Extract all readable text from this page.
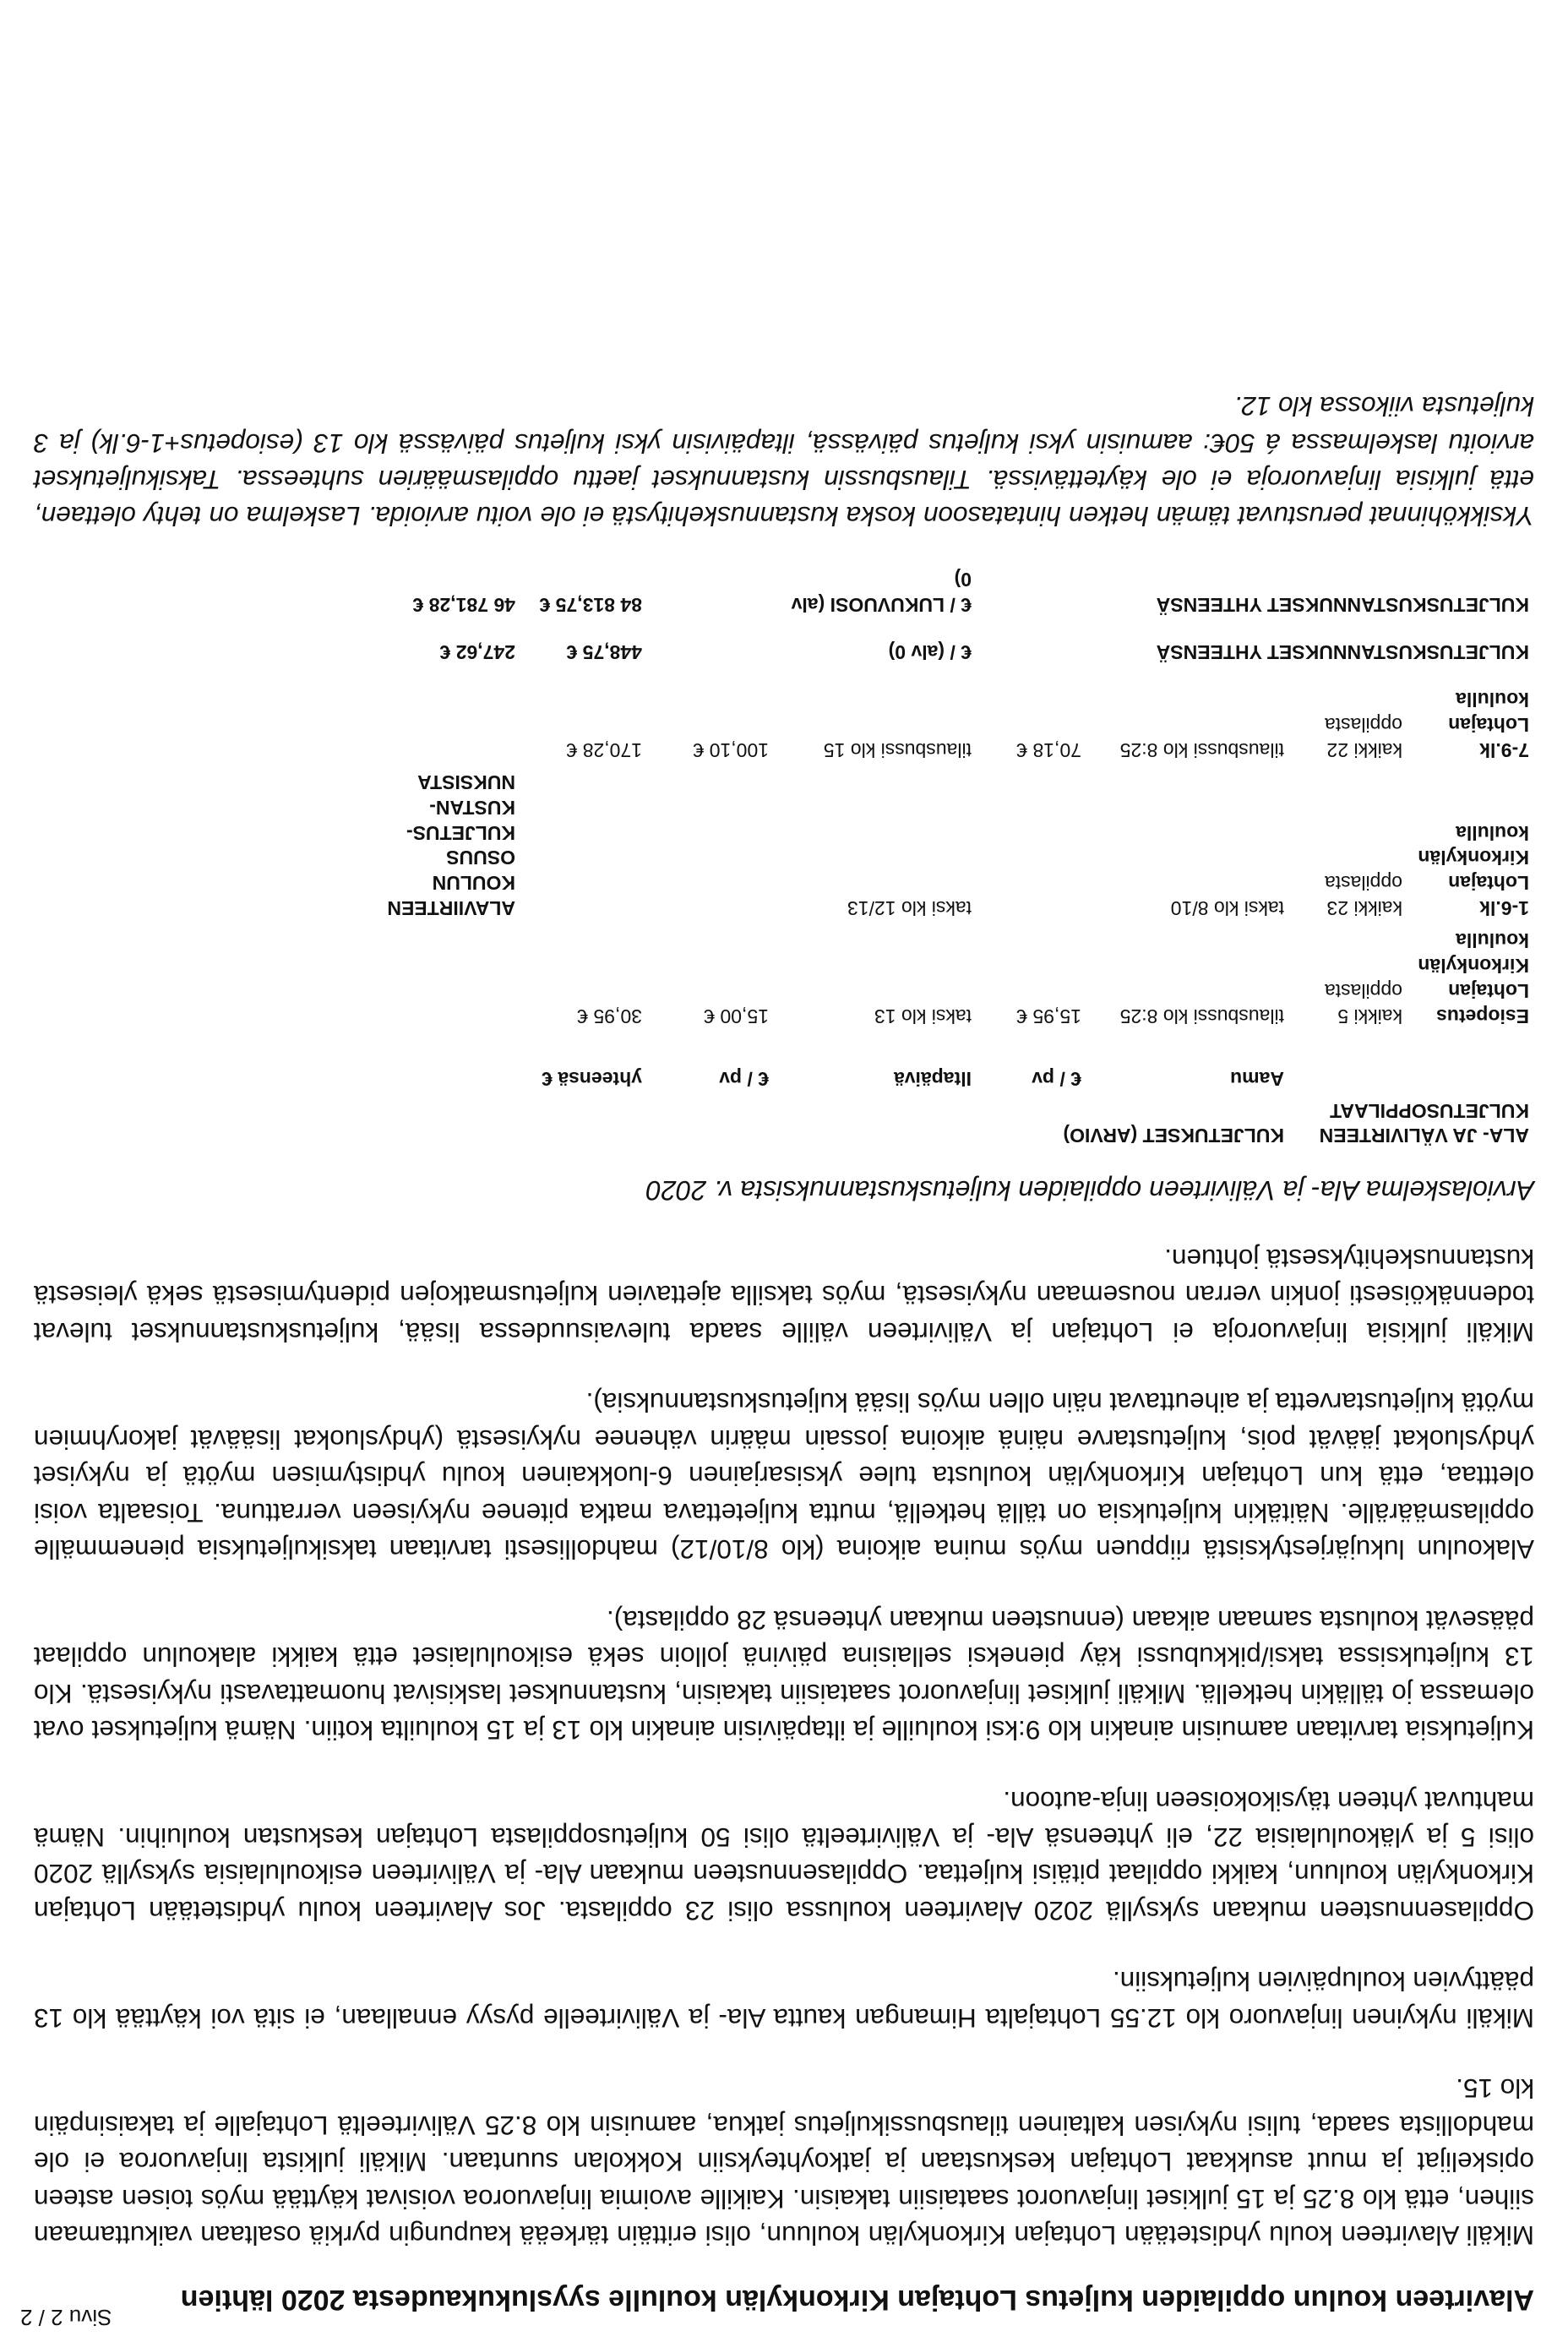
Sivu 2 / 2
Alavirteen koulun oppilaiden kuljetus Lohtajan Kirkonkylän koululle syyslukukaudesta 2020 lähtien

Mikäli Alavirteen koulu yhdistetään Lohtajan Kirkonkylän kouluun, olisi erittäin tärkeää kaupungin pyrkiä osaltaan vaikuttamaan siihen, että klo 8.25 ja 15 julkiset linjavuorot saataisiin takaisin. Kaikille avoimia linjavuoroa voisivat käyttää myös toisen asteen opiskelijat ja muut asukkaat Lohtajan keskustaan ja jatkoyhteyksiin Kokkolan suuntaan. Mikäli julkista linjavuoroa ei ole mahdollista saada, tulisi nykyisen kaltainen tilausbussikuljetus jatkua, aamuisin klo 8.25 Välivirteeltä Lohtajalle ja takaisinpäin klo 15.

Mikäli nykyinen linjavuoro klo 12.55 Lohtajalta Himangan kautta Ala- ja Välivirteelle pysyy ennallaan, ei sitä voi käyttää klo 13 päättyvien koulupäivien kuljetuksiin.

Oppilasennusteen mukaan syksyllä 2020 Alavirteen koulussa olisi 23 oppilasta. Jos Alavirteen koulu yhdistetään Lohtajan Kirkonkylän kouluun, kaikki oppilaat pitäisi kuljettaa. Oppilasennusteen mukaan Ala- ja Välivirteen esikoululaisia syksyllä 2020 olisi 5 ja yläkoululaisia 22, eli yhteensä Ala- ja Välivirteeltä olisi 50 kuljetusoppilasta Lohtajan keskustan kouluihin. Nämä mahtuvat yhteen täysikokoiseen linja-autoon.

Kuljetuksia tarvitaan aamuisin ainakin klo 9:ksi kouluille ja iltapäivisin ainakin klo 13 ja 15 kouluilta kotiin. Nämä kuljetukset ovat olemassa jo tälläkin hetkellä. Mikäli julkiset linjavuorot saataisiin takaisin, kustannukset laskisivat huomattavasti nykyisestä. Klo 13 kuljetuksissa taksi/pikkubussi käy pieneksi sellaisina päivinä jolloin sekä esikoululaiset että kaikki alakoulun oppilaat pääsevät koulusta samaan aikaan (ennusteen mukaan yhteensä 28 oppilasta).

Alakoulun lukujärjestyksistä riippuen myös muina aikoina (klo 8/10/12) mahdollisesti tarvitaan taksikuljetuksia pienemmälle oppilasmäärälle. Näitäkin kuljetuksia on tällä hetkellä, mutta kuljetettava matka pitenee nykyiseen verrattuna. Toisaalta voisi oletttaa, että kun Lohtajan Kirkonkylän koulusta tulee yksisarjainen 6-luokkainen koulu yhdistymisen myötä ja nykyiset yhdysluokat jäävät pois, kuljetustarve näinä aikoina jossain määrin vähenee nykyisestä (yhdysluokat lisäävät jakoryhmien myötä kuljetustarvetta ja aiheuttavat näin ollen myös lisää kuljetuskustannuksia).

Mikäli julkisia linjavuoroja ei Lohtajan ja Välivirteen välille saada tulevaisuudessa lisää, kuljetuskustannukset tulevat todennäköisesti jonkin verran nousemaan nykyisestä, myös taksilla ajettavien kuljetusmatkojen pidentymisestä sekä yleisestä kustannuskehityksestä johtuen.

Arviolaskelma Ala- ja Välivirteen oppilaiden kuljetuskustannuksista v. 2020
ALA- JA VÄLIVIRTEEN KULJETUSOPPILAAT		KULJETUKSET (ARVIO)					
		Aamu	€ / pv	Iltapäivä	€ / pv	yhteensä €	

Esiopetus Lohtajan Kirkonkylän koululla	kaikki 5 oppilasta	tilausbussi klo 8:25	15,95 €	taksi klo 13	15,00 €	30,95 €	
1-6.lk Lohtajan Kirkonkylän koululla	kaikki 23 oppilasta	taksi klo 8/10		taksi klo 12/13			ALAVIIRTEEN KOULUN OSUUS KULJETUS-KUSTAN-NUKSISTA
7-9.lk Lohtajan koululla	kaikki 22 oppilasta	tilausbussi klo 8:25	70,18 €	tilausbussi klo 15	100,10 €	170,28 €	
KULJETUSKUSTANNUKSET YHTEENSÄ				€ / (alv 0)		448,75 €	247,62 €
KULJETUSKUSTANNUKSET YHTEENSÄ				€ / LUKUVUOSI (alv 0)		84 813,75 €	46 781,28 €
Yksikköhinnat perustuvat tämän hetken hintatasoon koska kustannuskehitystä ei ole voitu arvioida. Laskelma on tehty olettaen, että julkisia linjavuoroja ei ole käytettävissä. Tilausbussin kustannukset jaettu oppilasmäärien suhteessa. Taksikuljetukset arvioitu laskelmassa á 50€: aamuisin yksi kuljetus päivässä, iltapäivisin yksi kuljetus päivässä klo 13 (esiopetus+1-6.lk) ja 3 kuljetusta viikossa klo 12.
